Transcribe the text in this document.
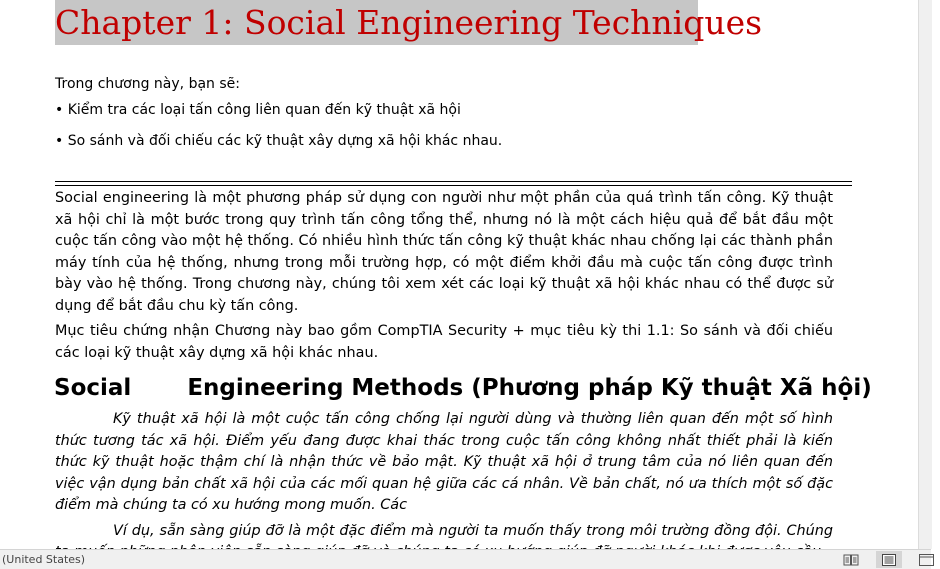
Chapter 1: Social Engineering Techniques
Trong chương này, bạn sẽ:
• Kiểm tra các loại tấn công liên quan đến kỹ thuật xã hội
• So sánh và đối chiếu các kỹ thuật xây dựng xã hội khác nhau.

Social engineering là một phương pháp sử dụng con người như một phần của quá trình tấn công. Kỹ thuật xã hội chỉ là một bước trong quy trình tấn công tổng thể, nhưng nó là một cách hiệu quả để bắt đầu một cuộc tấn công vào một hệ thống. Có nhiều hình thức tấn công kỹ thuật khác nhau chống lại các thành phần máy tính của hệ thống, nhưng trong mỗi trường hợp, có một điểm khởi đầu mà cuộc tấn công được trình bày vào hệ thống. Trong chương này, chúng tôi xem xét các loại kỹ thuật xã hội khác nhau có thể được sử dụng để bắt đầu chu kỳ tấn công.

Mục tiêu chứng nhận Chương này bao gồm CompTIA Security + mục tiêu kỳ thi 1.1: So sánh và đối chiếu các loại kỹ thuật xây dựng xã hội khác nhau.

Social       Engineering Methods (Phương pháp Kỹ thuật Xã hội)

Kỹ thuật xã hội là một cuộc tấn công chống lại người dùng và thường liên quan đến một số hình thức tương tác xã hội. Điểm yếu đang được khai thác trong cuộc tấn công không nhất thiết phải là kiến thức kỹ thuật hoặc thậm chí là nhận thức về bảo mật. Kỹ thuật xã hội ở trung tâm của nó liên quan đến việc vận dụng bản chất xã hội của các mối quan hệ giữa các cá nhân. Về bản chất, nó ưa thích một số đặc điểm mà chúng ta có xu hướng mong muốn. Các

Ví dụ, sẵn sàng giúp đỡ là một đặc điểm mà người ta muốn thấy trong môi trường đồng đội. Chúng

(United States)
